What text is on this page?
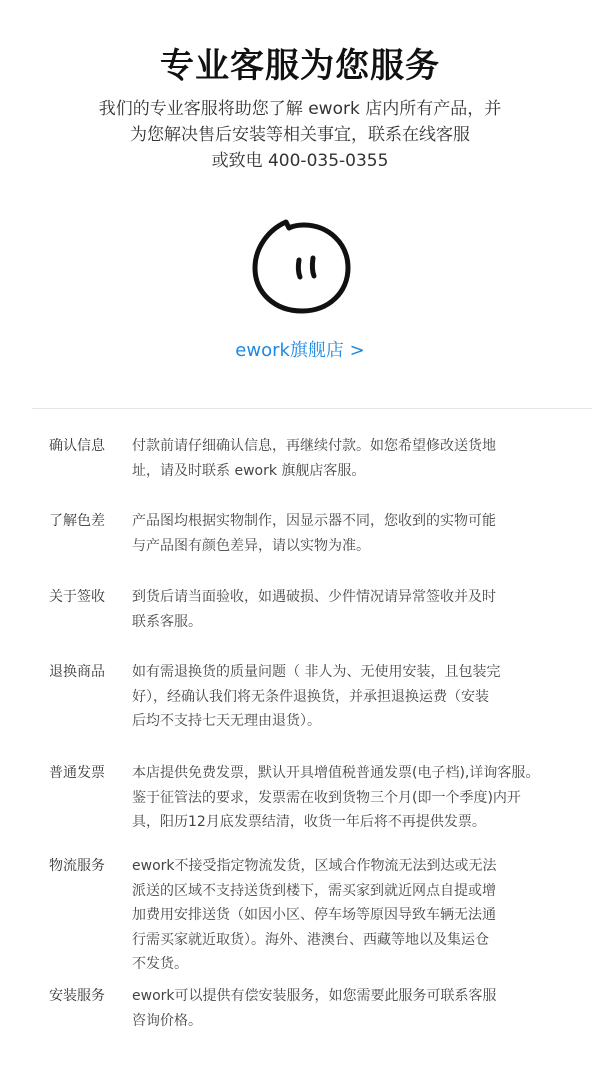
专业客服为您服务
我们的专业客服将助您了解 ework 店内所有产品，并
为您解决售后安装等相关事宜，联系在线客服
或致电 400-035-0355
ework旗舰店 >
确认信息 付款前请仔细确认信息，再继续付款。如您希望修改送货地
址，请及时联系 ework 旗舰店客服。
了解色差 产品图均根据实物制作，因显示器不同，您收到的实物可能
与产品图有颜色差异，请以实物为准。
关于签收 到货后请当面验收，如遇破损、少件情况请异常签收并及时
联系客服。
退换商品 如有需退换货的质量问题（ 非人为、无使用安装，且包装完
好），经确认我们将无条件退换货，并承担退换运费（安装
后均不支持七天无理由退货）。
普通发票 本店提供免费发票，默认开具增值税普通发票(电子档),详询客服。
鉴于征管法的要求，发票需在收到货物三个月(即一个季度)内开
具，阳历12月底发票结清，收货一年后将不再提供发票。
物流服务 ework不接受指定物流发货，区域合作物流无法到达或无法
派送的区域不支持送货到楼下，需买家到就近网点自提或增
加费用安排送货（如因小区、停车场等原因导致车辆无法通
行需买家就近取货）。海外、港澳台、西藏等地以及集运仓
不发货。
安装服务 ework可以提供有偿安装服务，如您需要此服务可联系客服
咨询价格。
